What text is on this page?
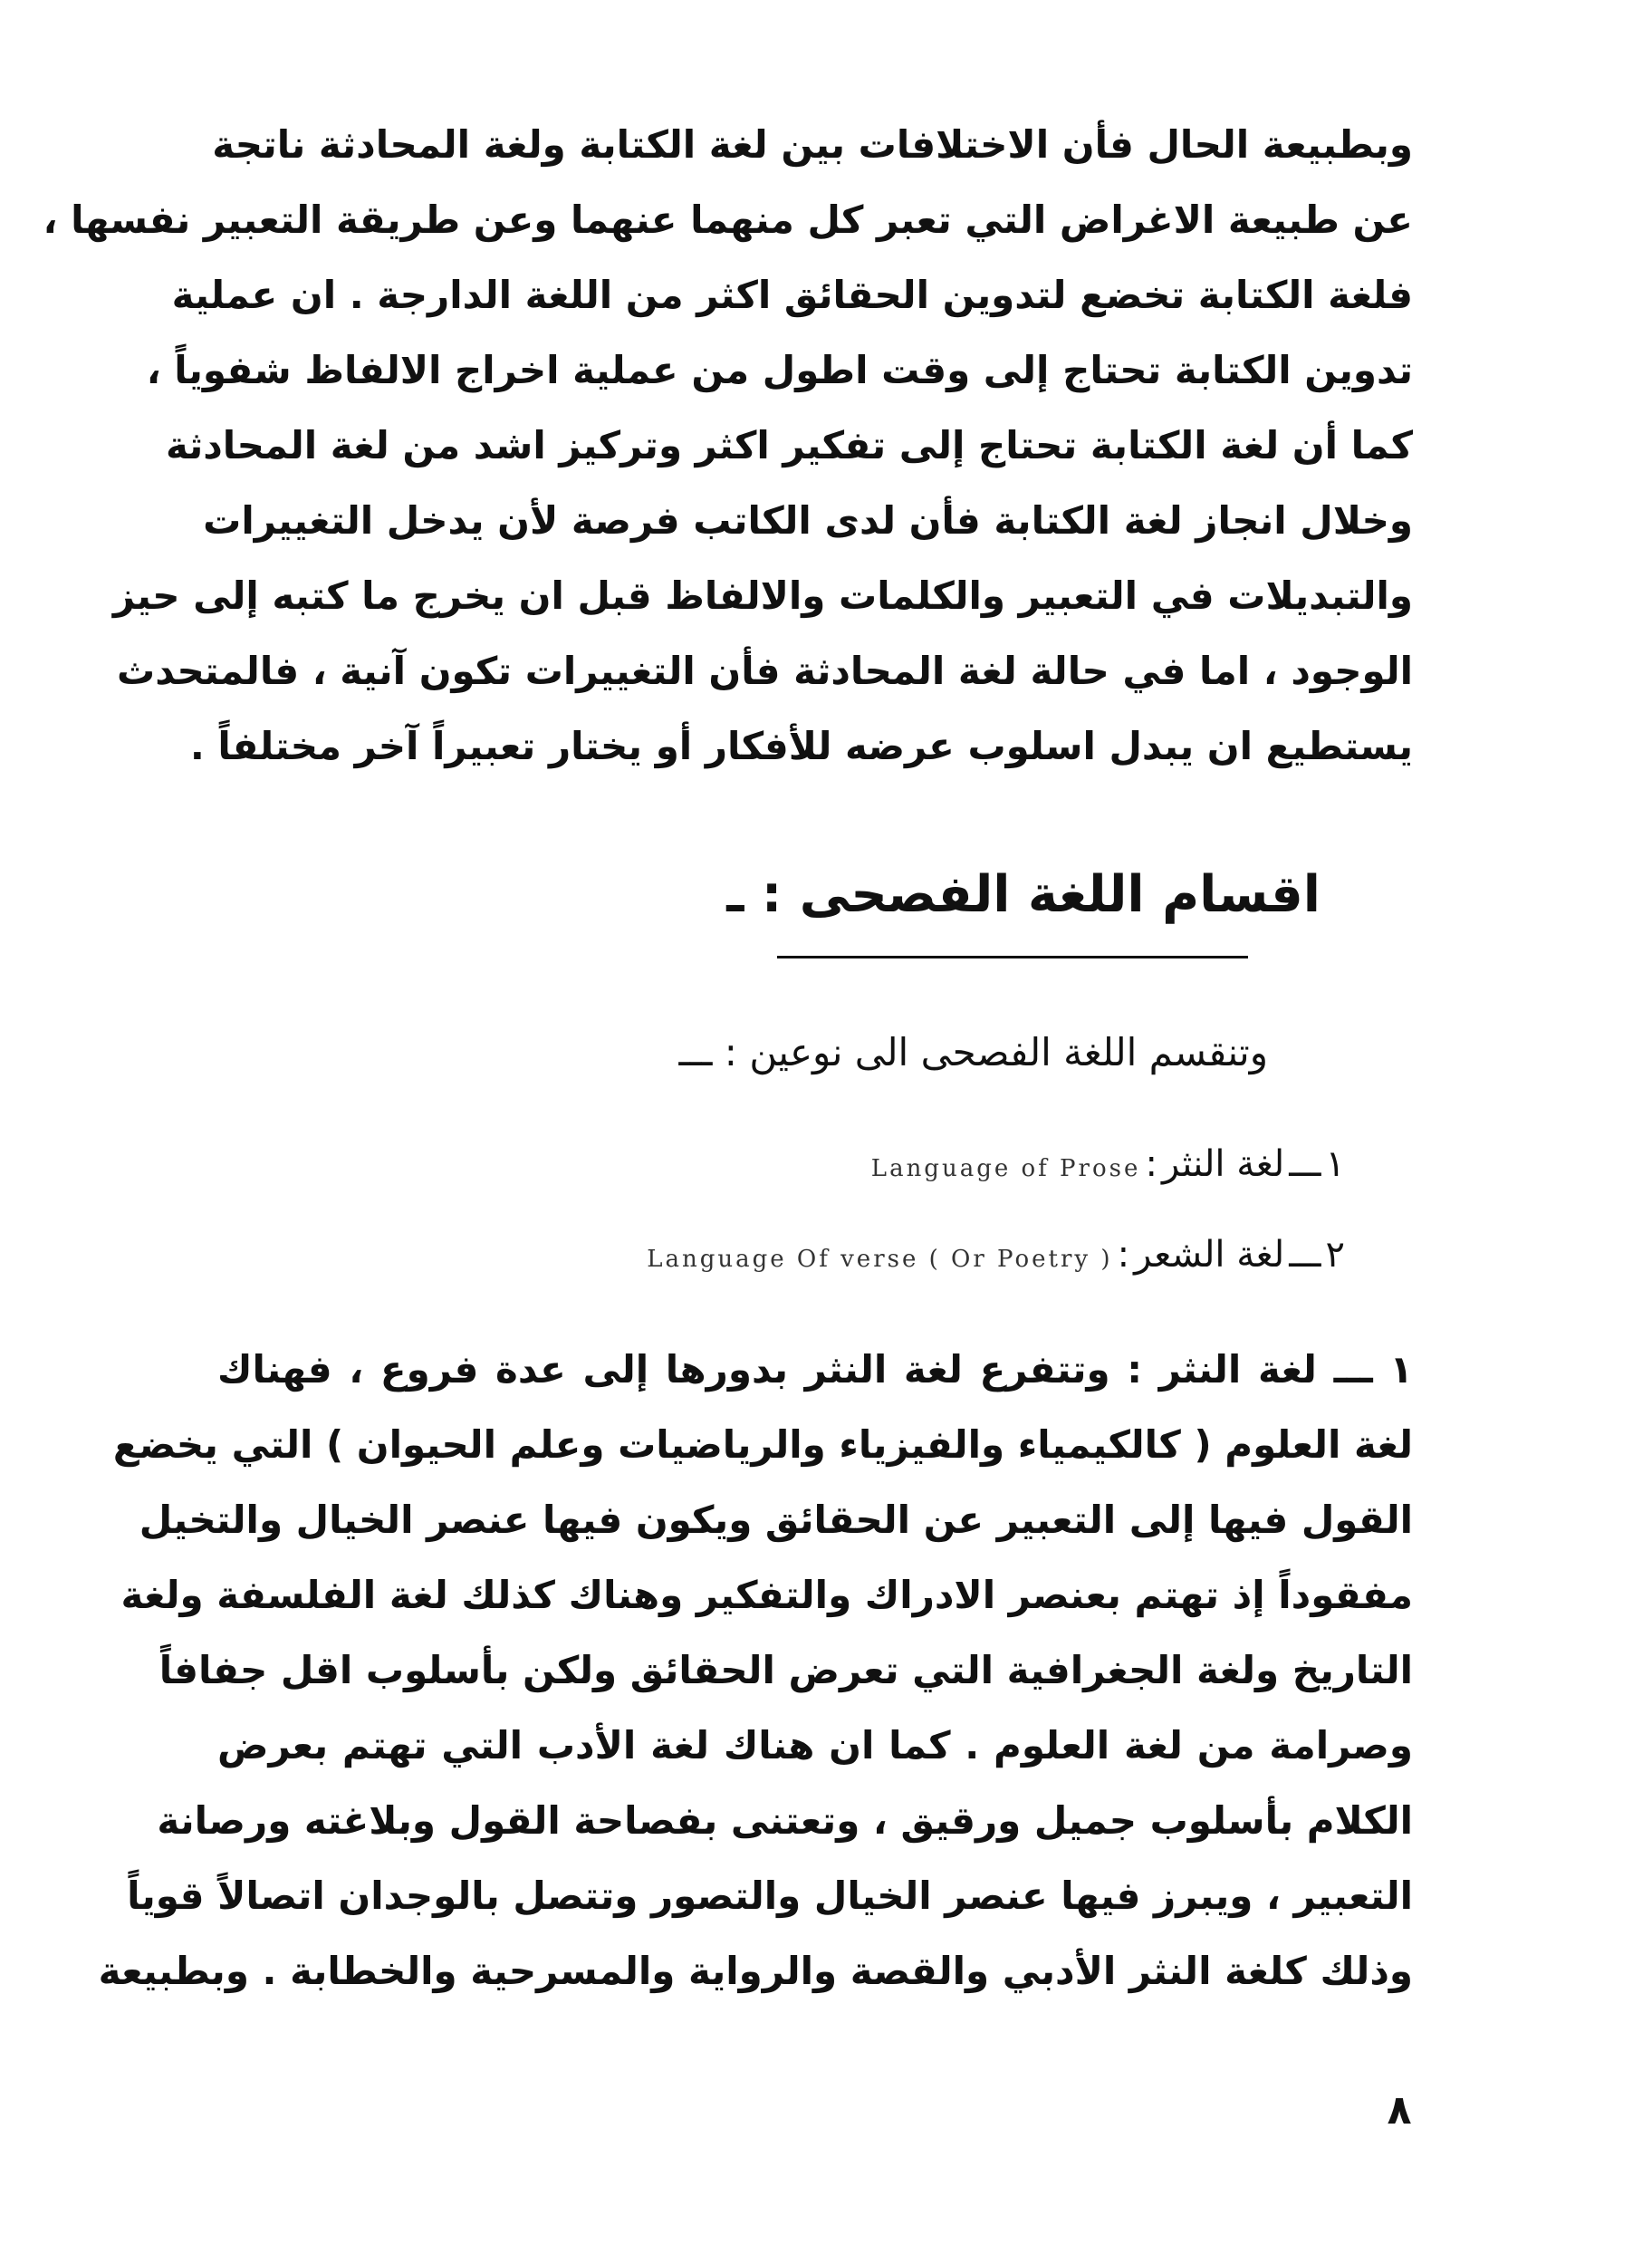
وبطبيعة الحال فأن الاختلافات بين لغة الكتابة ولغة المحادثة ناتجة
عن طبيعة الاغراض التي تعبر كل منهما عنهما وعن طريقة التعبير نفسها ،
فلغة الكتابة تخضع لتدوين الحقائق اكثر من اللغة الدارجة . ان عملية
تدوين الكتابة تحتاج إلى وقت اطول من عملية اخراج الالفاظ شفوياً ،
كما أن لغة الكتابة تحتاج إلى تفكير اكثر وتركيز اشد من لغة المحادثة
وخلال انجاز لغة الكتابة فأن لدى الكاتب فرصة لأن يدخل التغييرات
والتبديلات في التعبير والكلمات والالفاظ قبل ان يخرج ما كتبه إلى حيز
الوجود ، اما في حالة لغة المحادثة فأن التغييرات تكون آنية ، فالمتحدث
يستطيع ان يبدل اسلوب عرضه للأفكار أو يختار تعبيراً آخر مختلفاً .
اقسام اللغة الفصحى : ـ
وتنقسم اللغة الفصحى الى نوعين : ـــ
١ ـــ لغة النثر : Language of Prose
٢ ـــ لغة الشعر : Language Of verse ( Or Poetry )
١ ـــ لغة النثر : وتتفرع لغة النثر بدورها إلى عدة فروع ، فهناك
لغة العلوم ( كالكيمياء والفيزياء والرياضيات وعلم الحيوان ) التي يخضع
القول فيها إلى التعبير عن الحقائق ويكون فيها عنصر الخيال والتخيل
مفقوداً إذ تهتم بعنصر الادراك والتفكير وهناك كذلك لغة الفلسفة ولغة
التاريخ ولغة الجغرافية التي تعرض الحقائق ولكن بأسلوب اقل جفافاً
وصرامة من لغة العلوم . كما ان هناك لغة الأدب التي تهتم بعرض
الكلام بأسلوب جميل ورقيق ، وتعتنى بفصاحة القول وبلاغته ورصانة
التعبير ، ويبرز فيها عنصر الخيال والتصور وتتصل بالوجدان اتصالاً قوياً
وذلك كلغة النثر الأدبي والقصة والرواية والمسرحية والخطابة . وبطبيعة
٨
